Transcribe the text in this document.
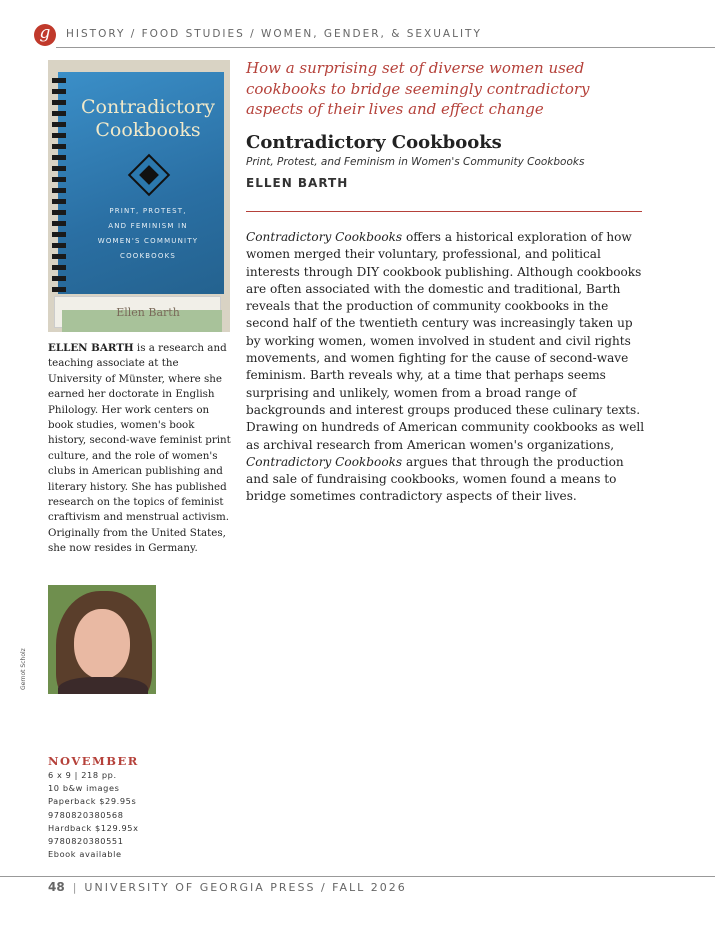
g	HISTORY / FOOD STUDIES / WOMEN, GENDER, & SEXUALITY
Contradictory
Cookbooks
PRINT, PROTEST,
AND FEMINISM IN
WOMEN'S COMMUNITY
COOKBOOKS
Ellen Barth
How a surprising set of diverse women used cookbooks to bridge seemingly contradictory aspects of their lives and effect change
Contradictory Cookbooks
Print, Protest, and Feminism in Women's Community Cookbooks
ELLEN BARTH
Contradictory Cookbooks offers a historical exploration of how women merged their voluntary, professional, and political interests through DIY cookbook publishing. Although cookbooks are often associated with the domestic and traditional, Barth reveals that the production of community cookbooks in the second half of the twentieth century was increasingly taken up by working women, women involved in student and civil rights movements, and women fighting for the cause of second-wave feminism. Barth reveals why, at a time that perhaps seems surprising and unlikely, women from a broad range of backgrounds and interest groups produced these culinary texts. Drawing on hundreds of American community cookbooks as well as archival research from American women's organizations, Contradictory Cookbooks argues that through the production and sale of fundraising cookbooks, women found a means to bridge sometimes contradictory aspects of their lives.
ELLEN BARTH is a research and teaching associate at the University of Münster, where she earned her doctorate in English Philology. Her work centers on book studies, women's book history, second-wave feminist print culture, and the role of women's clubs in American publishing and literary history. She has published research on the topics of feminist craftivism and menstrual activism. Originally from the United States, she now resides in Germany.
Gernot Scholz
NOVEMBER
6 x 9 | 218 pp.
10 b&w images
Paperback $29.95s
9780820380568
Hardback $129.95x
9780820380551
Ebook available
48 | UNIVERSITY OF GEORGIA PRESS / FALL 2026
